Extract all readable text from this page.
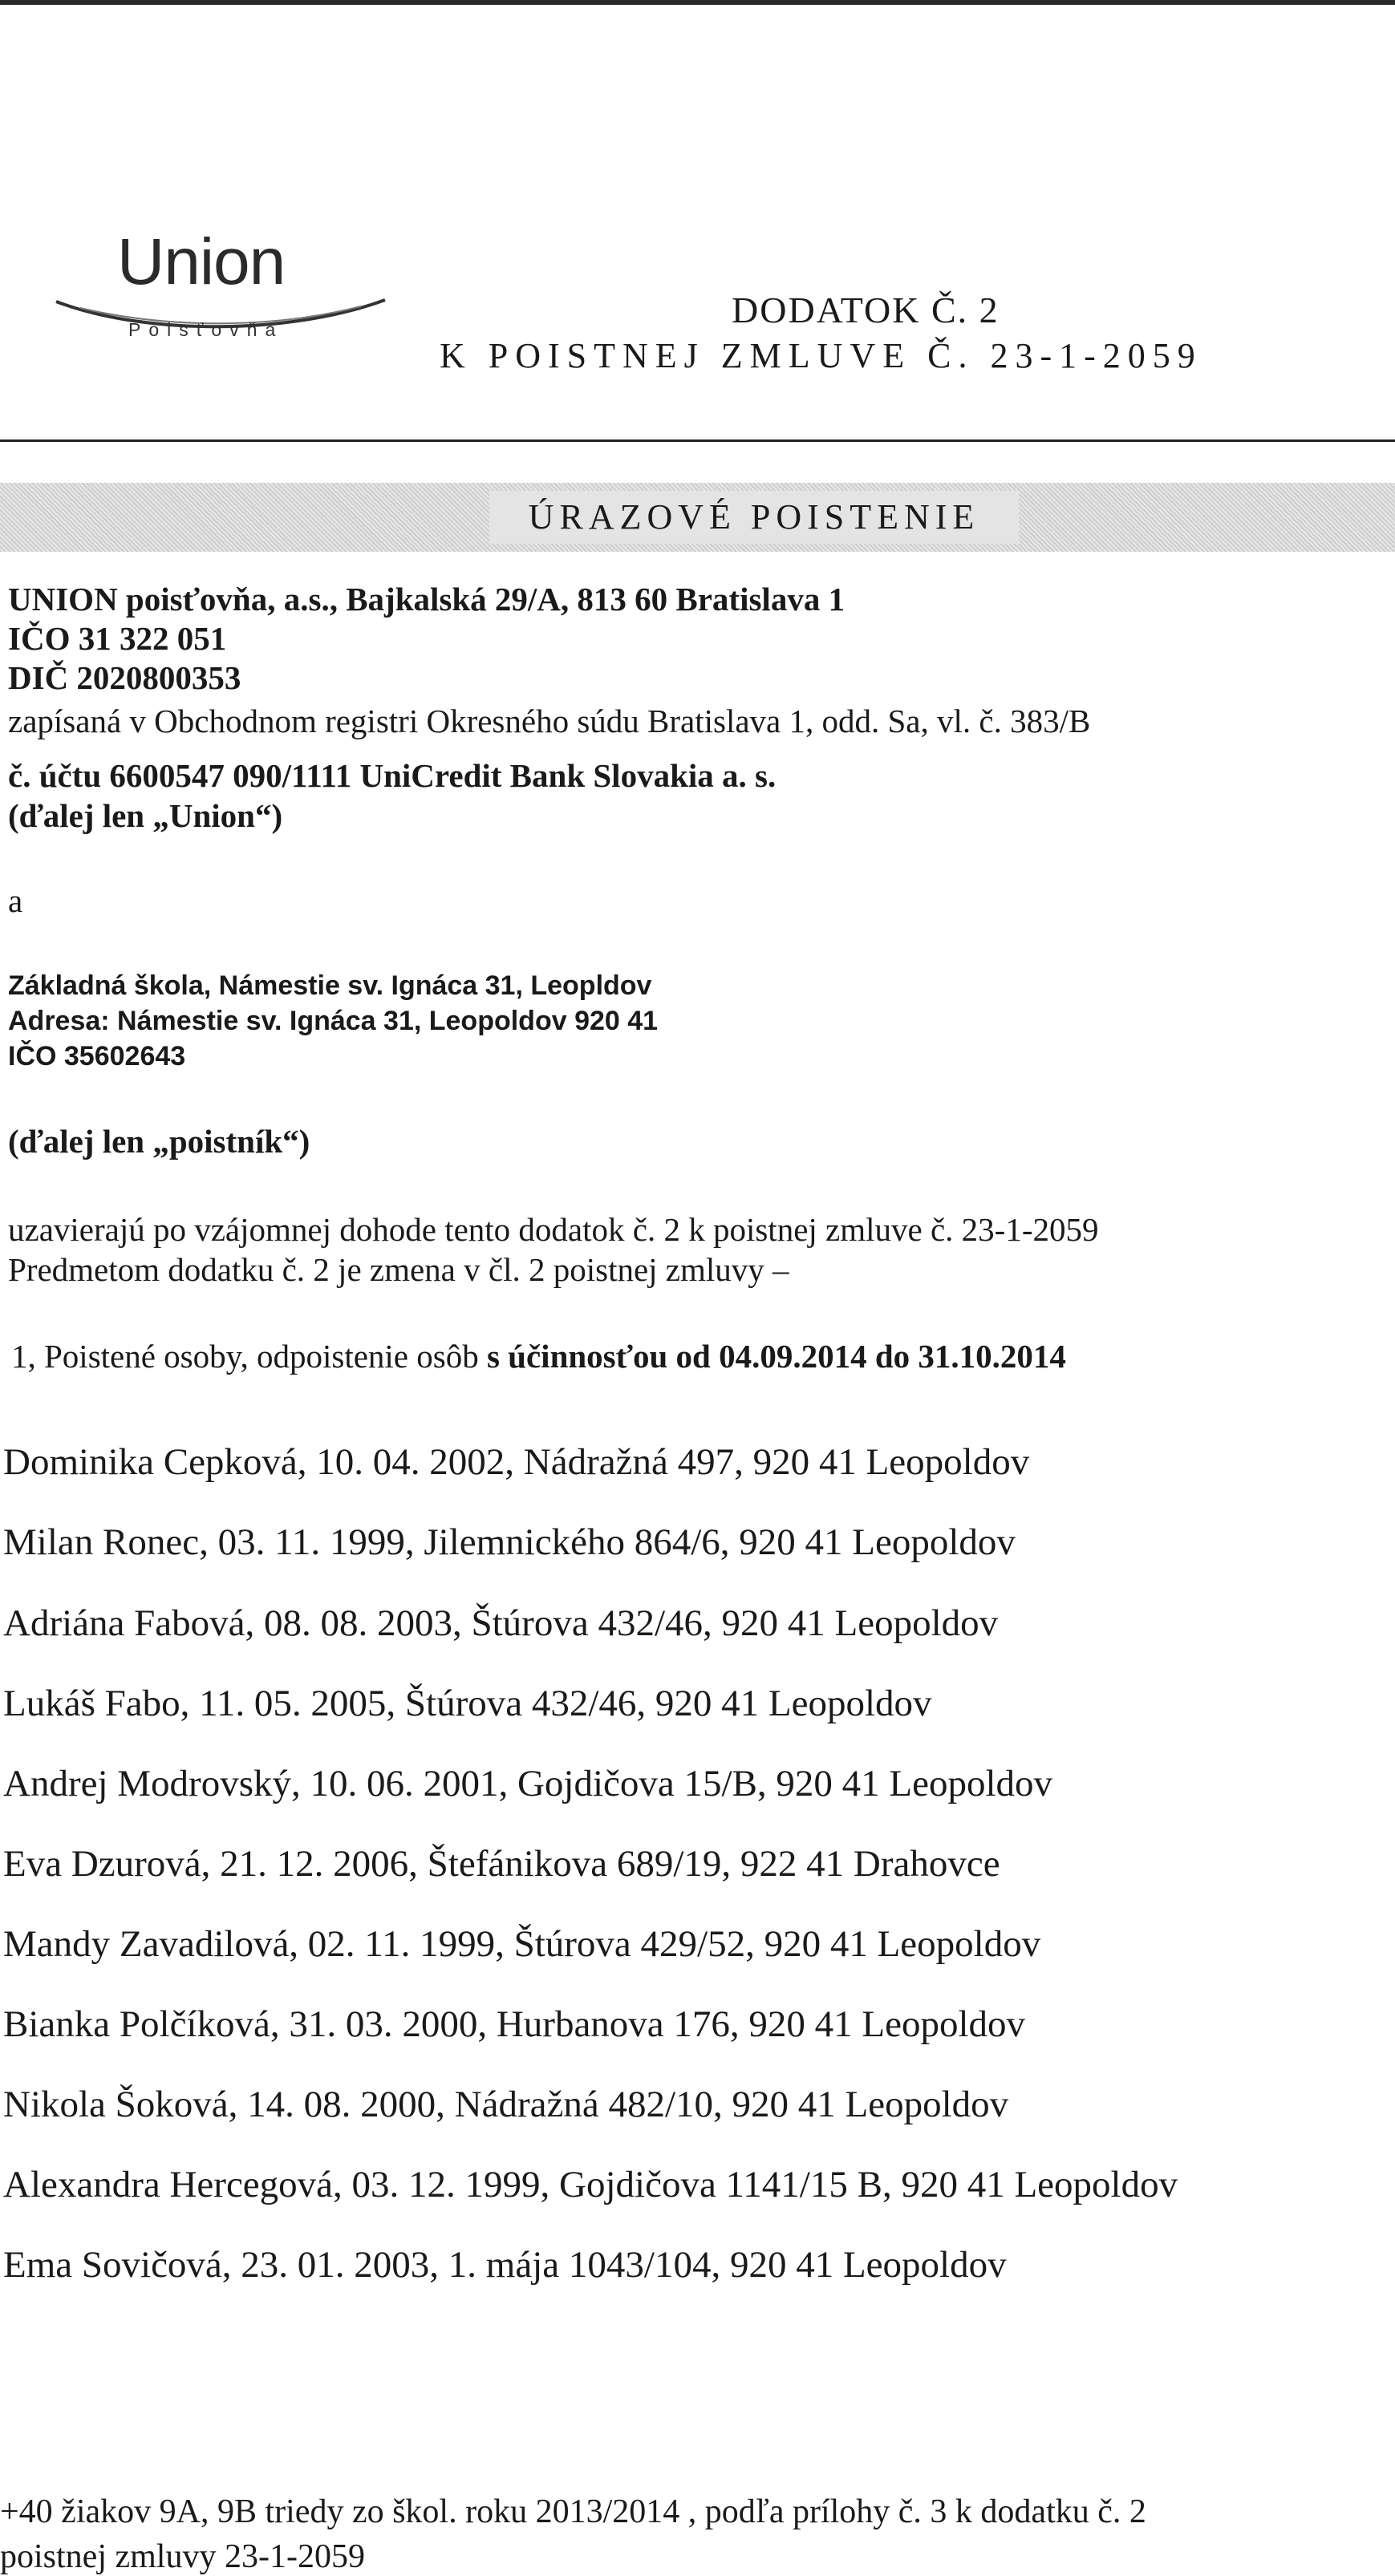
Union
Poisťovňa	DODATOK Č. 2
K POISTNEJ ZMLUVE Č. 23-1-2059
ÚRAZOVÉ POISTENIE
UNION poisťovňa, a.s., Bajkalská 29/A, 813 60 Bratislava 1
IČO 31 322 051
DIČ 2020800353
zapísaná v Obchodnom registri Okresného súdu Bratislava 1, odd. Sa, vl. č. 383/B
č. účtu 6600547 090/1111 UniCredit Bank Slovakia a. s.
(ďalej len „Union“)
a
Základná škola, Námestie sv. Ignáca 31, Leopldov
Adresa: Námestie sv. Ignáca 31, Leopoldov 920 41
IČO 35602643
(ďalej len „poistník“)
uzavierajú po vzájomnej dohode tento dodatok č. 2 k poistnej zmluve č. 23-1-2059
Predmetom dodatku č. 2 je zmena v čl. 2 poistnej zmluvy –
1, Poistené osoby, odpoistenie osôb s účinnosťou od 04.09.2014 do 31.10.2014
Dominika Cepková, 10. 04. 2002, Nádražná 497, 920 41 Leopoldov
Milan Ronec, 03. 11. 1999, Jilemnického 864/6, 920 41 Leopoldov
Adriána Fabová, 08. 08. 2003, Štúrova 432/46, 920 41 Leopoldov
Lukáš Fabo, 11. 05. 2005, Štúrova 432/46, 920 41 Leopoldov
Andrej Modrovský, 10. 06. 2001, Gojdičova 15/B, 920 41 Leopoldov
Eva Dzurová, 21. 12. 2006, Štefánikova 689/19, 922 41 Drahovce
Mandy Zavadilová, 02. 11. 1999, Štúrova 429/52, 920 41 Leopoldov
Bianka Polčíková, 31. 03. 2000, Hurbanova 176, 920 41 Leopoldov
Nikola Šoková, 14. 08. 2000, Nádražná 482/10, 920 41 Leopoldov
Alexandra Hercegová, 03. 12. 1999, Gojdičova 1141/15 B, 920 41 Leopoldov
Ema Sovičová, 23. 01. 2003, 1. mája 1043/104, 920 41 Leopoldov
+40 žiakov 9A, 9B triedy zo škol. roku 2013/2014 , podľa prílohy č. 3 k dodatku č. 2
poistnej zmluvy 23-1-2059
